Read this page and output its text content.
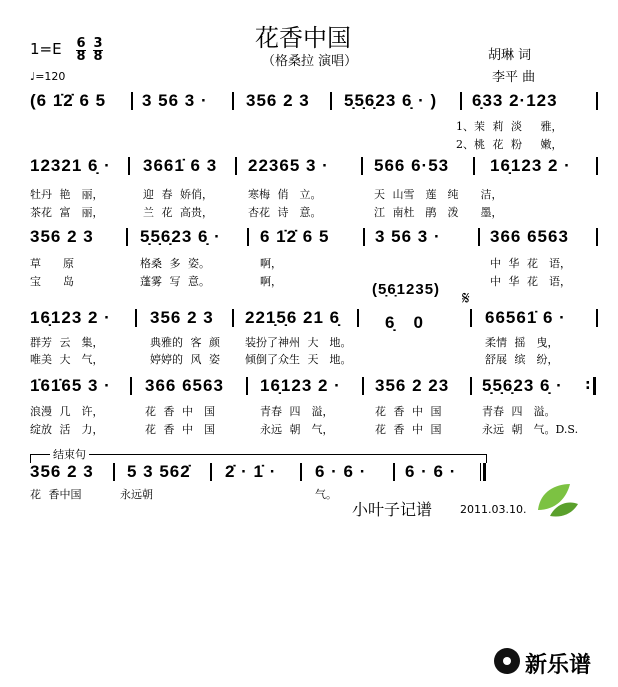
花香中国
（格桑拉 演唱）
1=E 6
8
3
8
♩=120
胡琳 词
李平 曲
(6 1̇2̇ 6 5 3 56 3 · 356 2 3 5̣5̣6̣23 6̣ · ) 6̣33 2·123
1、茉 莉 淡　 雅，
2、桃 花 粉　 嫩，
12321 6̣ · 3661̇ 6 3 22365 3 ·	566 6·53 16̣123 2 ·
牡丹 艳　丽，	迎 春 娇俏，	寒梅 俏　立。	天 山雪　莲　纯　　洁，
茶花 富　丽，	兰 花 高贵，	杏花 诗　意。	江 南杜　鹃　泼　　墨，
356 2 3	5̣5̣6̣23 6̣ · 6 1̇2̇ 6 5	3 56 3 ·	366 6563
草　　原	格桑 多 姿。	啊，	中 华 花　语，
宝　　岛	蓬雾 写 意。	啊，	中 华 花　语，
(5̣6̣1235) 𝄋
16̣123 2 · 356 2 3 221̣5̣6 21 6̣	6̣　0	66561̇ 6 ·
群芳 云　集，	典雅的 客 颜 装扮了神州 大　地。	柔情 摇　曳，
唯美 大　气，	婷婷的 风 姿 倾倒了众生 天　地。	舒展 缤　纷，
1̇61̇65 3 · 366 6563 16̣123 2 · 356 2 23 5̣5̣6̣23 6̣ · :
浪漫 几　许，	花 香 中　国	青春 四　溢，	花 香 中 国	青春 四　溢。
绽放 活　力，	花 香 中　国	永远 朝　气，	花 香 中 国	永远 朝　气。D.S.
结束句
356 2 3 5 3 562̇ 2̇ · 1̇ · 6 · 6 · 6 · 6 ·
花 香中国	永远朝	气。
小叶子记谱	2011.03.10.
新乐谱
